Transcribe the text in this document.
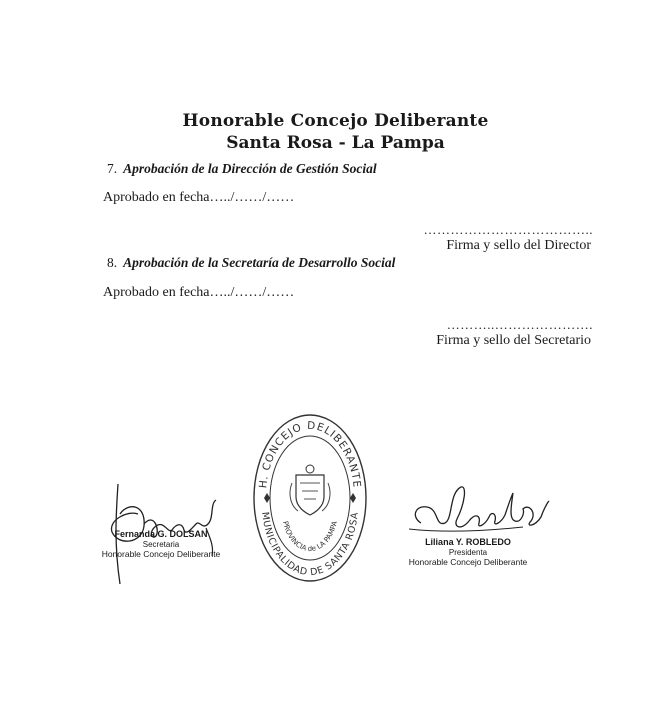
Honorable Concejo Deliberante
Santa Rosa - La Pampa
7. Aprobación de la Dirección de Gestión Social
Aprobado en fecha…../……/……
………………………………..
Firma y sello del Director
8. Aprobación de la Secretaría de Desarrollo Social
Aprobado en fecha…../……/……
………..………………….
Firma y sello del Secretario
Fernanda G. DOLSAN
Secretaria
Honorable Concejo Deliberante
H. CONCEJO DELIBERANTE
MUNICIPALIDAD DE SANTA ROSA
PROVINCIA de LA PAMPA
Liliana Y. ROBLEDO
Presidenta
Honorable Concejo Deliberante
